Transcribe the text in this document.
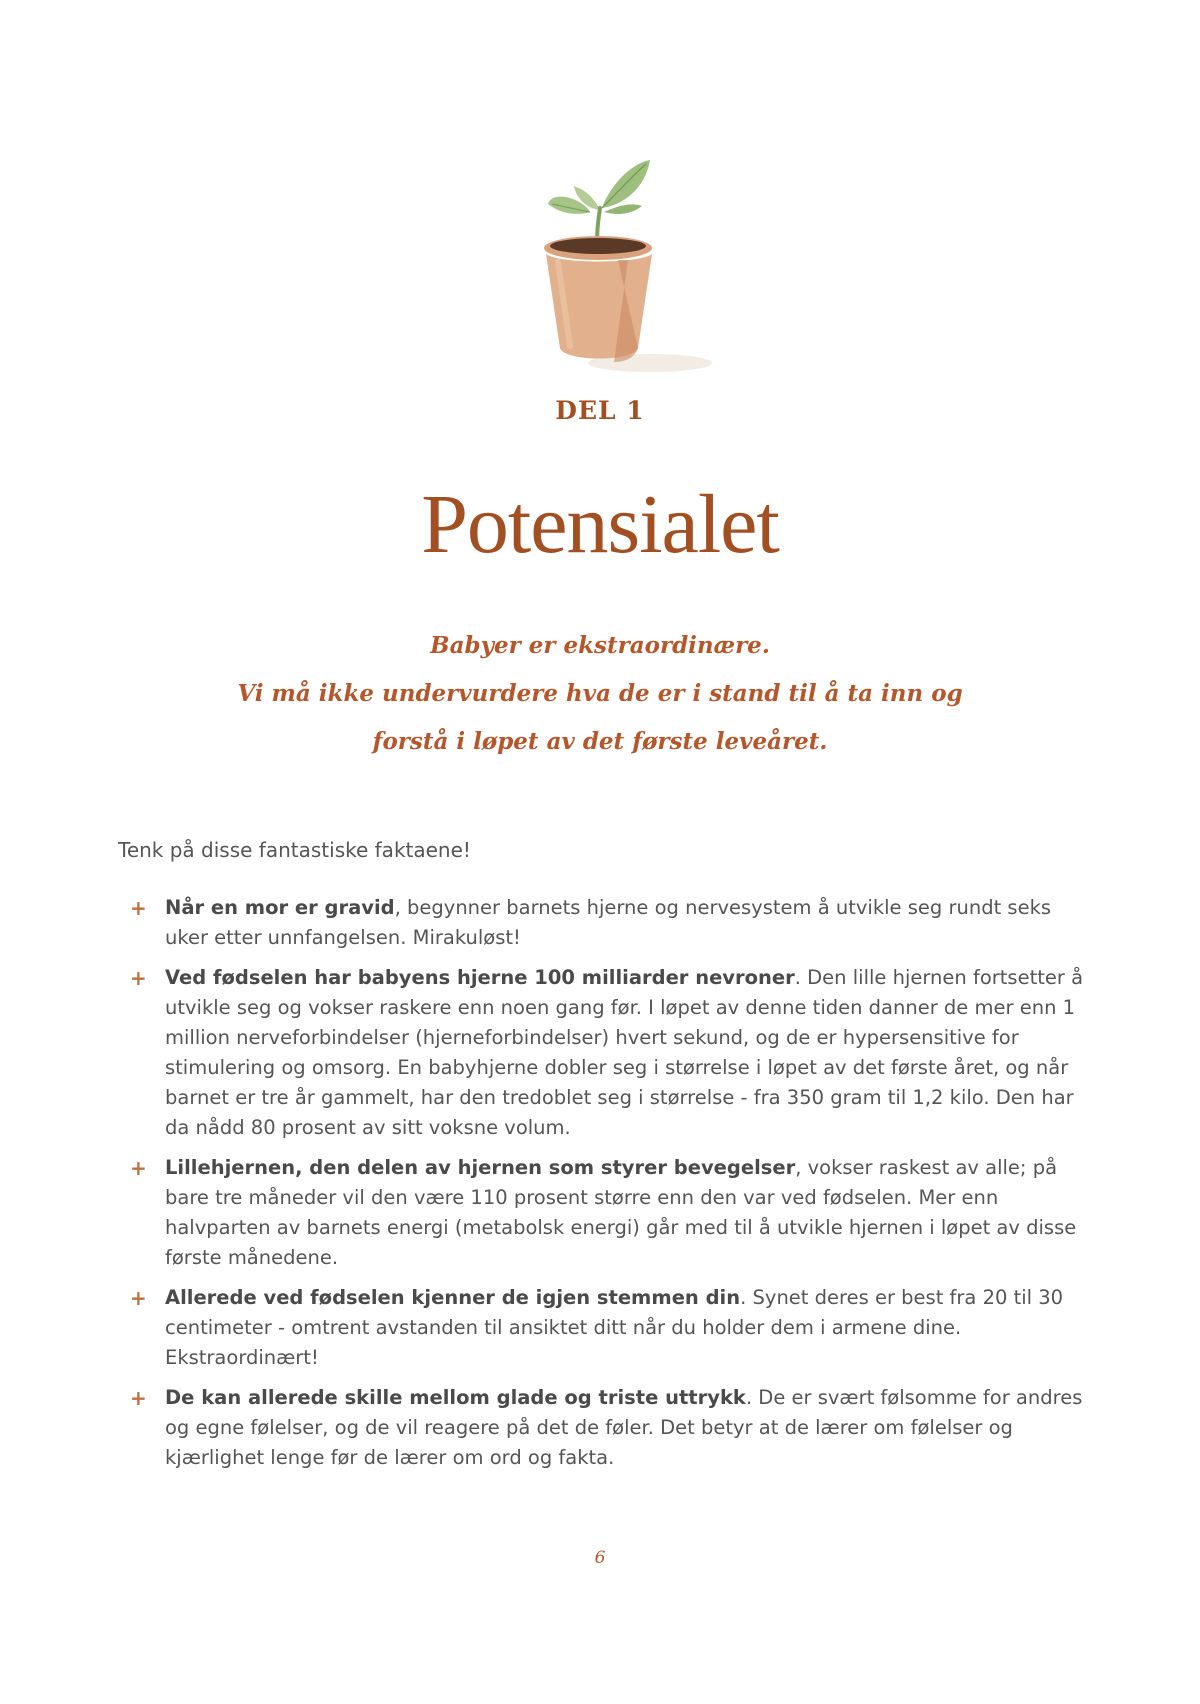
DEL 1
Potensialet
Babyer er ekstraordinære.
Vi må ikke undervurdere hva de er i stand til å ta inn og
forstå i løpet av det første leveåret.

Tenk på disse fantastiske faktaene!

+ Når en mor er gravid, begynner barnets hjerne og nervesystem å utvikle seg rundt seks uker etter unnfangelsen. Mirakuløst!
+ Ved fødselen har babyens hjerne 100 milliarder nevroner. Den lille hjernen fortsetter å utvikle seg og vokser raskere enn noen gang før. I løpet av denne tiden danner de mer enn 1 million nerveforbindelser (hjerneforbindelser) hvert sekund, og de er hypersensitive for stimulering og omsorg. En babyhjerne dobler seg i størrelse i løpet av det første året, og når barnet er tre år gammelt, har den tredoblet seg i størrelse - fra 350 gram til 1,2 kilo. Den har da nådd 80 prosent av sitt voksne volum.
+ Lillehjernen, den delen av hjernen som styrer bevegelser, vokser raskest av alle; på bare tre måneder vil den være 110 prosent større enn den var ved fødselen. Mer enn halvparten av barnets energi (metabolsk energi) går med til å utvikle hjernen i løpet av disse første månedene.
+ Allerede ved fødselen kjenner de igjen stemmen din. Synet deres er best fra 20 til 30 centimeter - omtrent avstanden til ansiktet ditt når du holder dem i armene dine. Ekstraordinært!
+ De kan allerede skille mellom glade og triste uttrykk. De er svært følsomme for andres og egne følelser, og de vil reagere på det de føler. Det betyr at de lærer om følelser og kjærlighet lenge før de lærer om ord og fakta.
6
